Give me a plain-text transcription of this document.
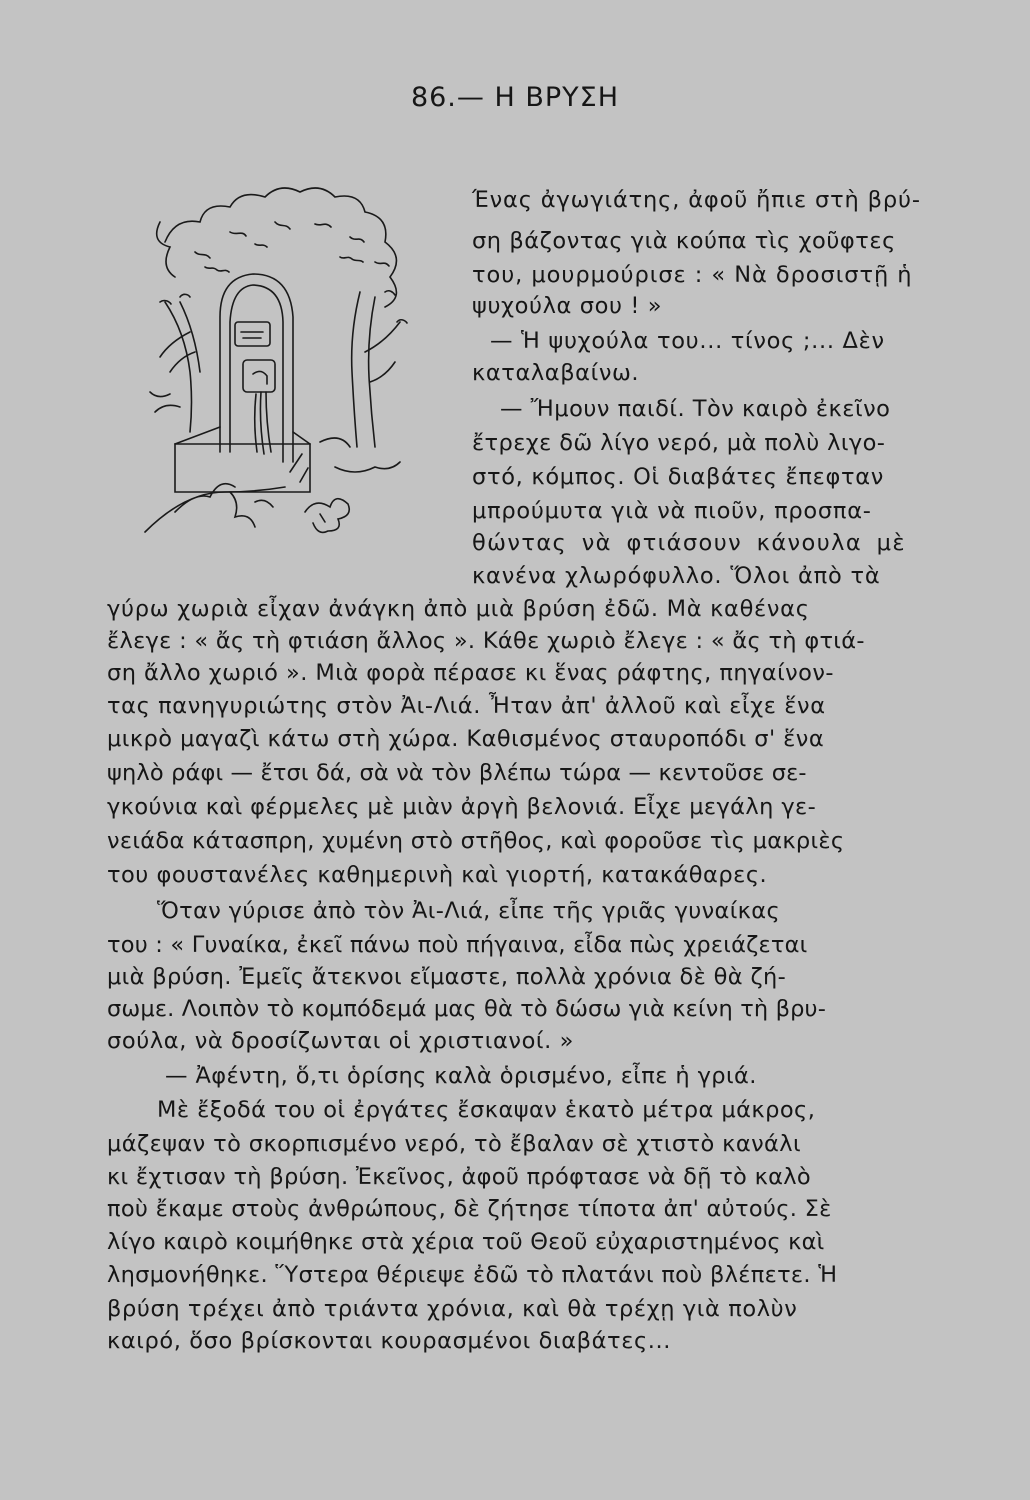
86.— Η ΒΡΥΣΗ
Ένας ἀγωγιάτης, ἀφοῦ ἤπιε στὴ βρύ-
ση βάζοντας γιὰ κούπα τὶς χοῦφτες
του, μουρμούρισε : « Νὰ δροσιστῇ ἡ
ψυχούλα σου ! »
— Ἡ ψυχούλα του... τίνος ;... Δὲν
καταλαβαίνω.
— Ἤμουν παιδί. Τὸν καιρὸ ἐκεῖνο
ἔτρεχε δῶ λίγο νερό, μὰ πολὺ λιγο-
στό, κόμπος. Οἱ διαβάτες ἔπεφταν
μπρούμυτα γιὰ νὰ πιοῦν, προσπα-
θώντας νὰ φτιάσουν κάνουλα μὲ
κανένα χλωρόφυλλο. Ὅλοι ἀπὸ τὰ
γύρω χωριὰ εἶχαν ἀνάγκη ἀπὸ μιὰ βρύση ἐδῶ. Μὰ καθένας
ἔλεγε : « ἄς τὴ φτιάση ἄλλος ». Κάθε χωριὸ ἔλεγε : « ἄς τὴ φτιά-
ση ἄλλο χωριό ». Μιὰ φορὰ πέρασε κι ἕνας ράφτης, πηγαίνον-
τας πανηγυριώτης στὸν Ἀι-Λιά. Ἦταν ἀπ' ἀλλοῦ καὶ εἶχε ἕνα
μικρὸ μαγαζὶ κάτω στὴ χώρα. Καθισμένος σταυροπόδι σ' ἕνα
ψηλὸ ράφι — ἔτσι δά, σὰ νὰ τὸν βλέπω τώρα — κεντοῦσε σε-
γκούνια καὶ φέρμελες μὲ μιὰν ἀργὴ βελονιά. Εἶχε μεγάλη γε-
νειάδα κάτασπρη, χυμένη στὸ στῆθος, καὶ φοροῦσε τὶς μακριὲς
του φουστανέλες καθημερινὴ καὶ γιορτή, κατακάθαρες.
Ὅταν γύρισε ἀπὸ τὸν Ἀι-Λιά, εἶπε τῆς γριᾶς γυναίκας
του : « Γυναίκα, ἐκεῖ πάνω ποὺ πήγαινα, εἶδα πὼς χρειάζεται
μιὰ βρύση. Ἐμεῖς ἄτεκνοι εἴμαστε, πολλὰ χρόνια δὲ θὰ ζή-
σωμε. Λοιπὸν τὸ κομπόδεμά μας θὰ τὸ δώσω γιὰ κείνη τὴ βρυ-
σούλα, νὰ δροσίζωνται οἱ χριστιανοί. »
— Ἀφέντη, ὅ,τι ὁρίσης καλὰ ὁρισμένο, εἶπε ἡ γριά.
Μὲ ἔξοδά του οἱ ἐργάτες ἔσκαψαν ἑκατὸ μέτρα μάκρος,
μάζεψαν τὸ σκορπισμένο νερό, τὸ ἔβαλαν σὲ χτιστὸ κανάλι
κι ἔχτισαν τὴ βρύση. Ἐκεῖνος, ἀφοῦ πρόφτασε νὰ δῇ τὸ καλὸ
ποὺ ἔκαμε στοὺς ἀνθρώπους, δὲ ζήτησε τίποτα ἀπ' αὐτούς. Σὲ
λίγο καιρὸ κοιμήθηκε στὰ χέρια τοῦ Θεοῦ εὐχαριστημένος καὶ
λησμονήθηκε. Ὕστερα θέριεψε ἐδῶ τὸ πλατάνι ποὺ βλέπετε. Ἡ
βρύση τρέχει ἀπὸ τριάντα χρόνια, καὶ θὰ τρέχῃ γιὰ πολὺν
καιρό, ὅσο βρίσκονται κουρασμένοι διαβάτες...
